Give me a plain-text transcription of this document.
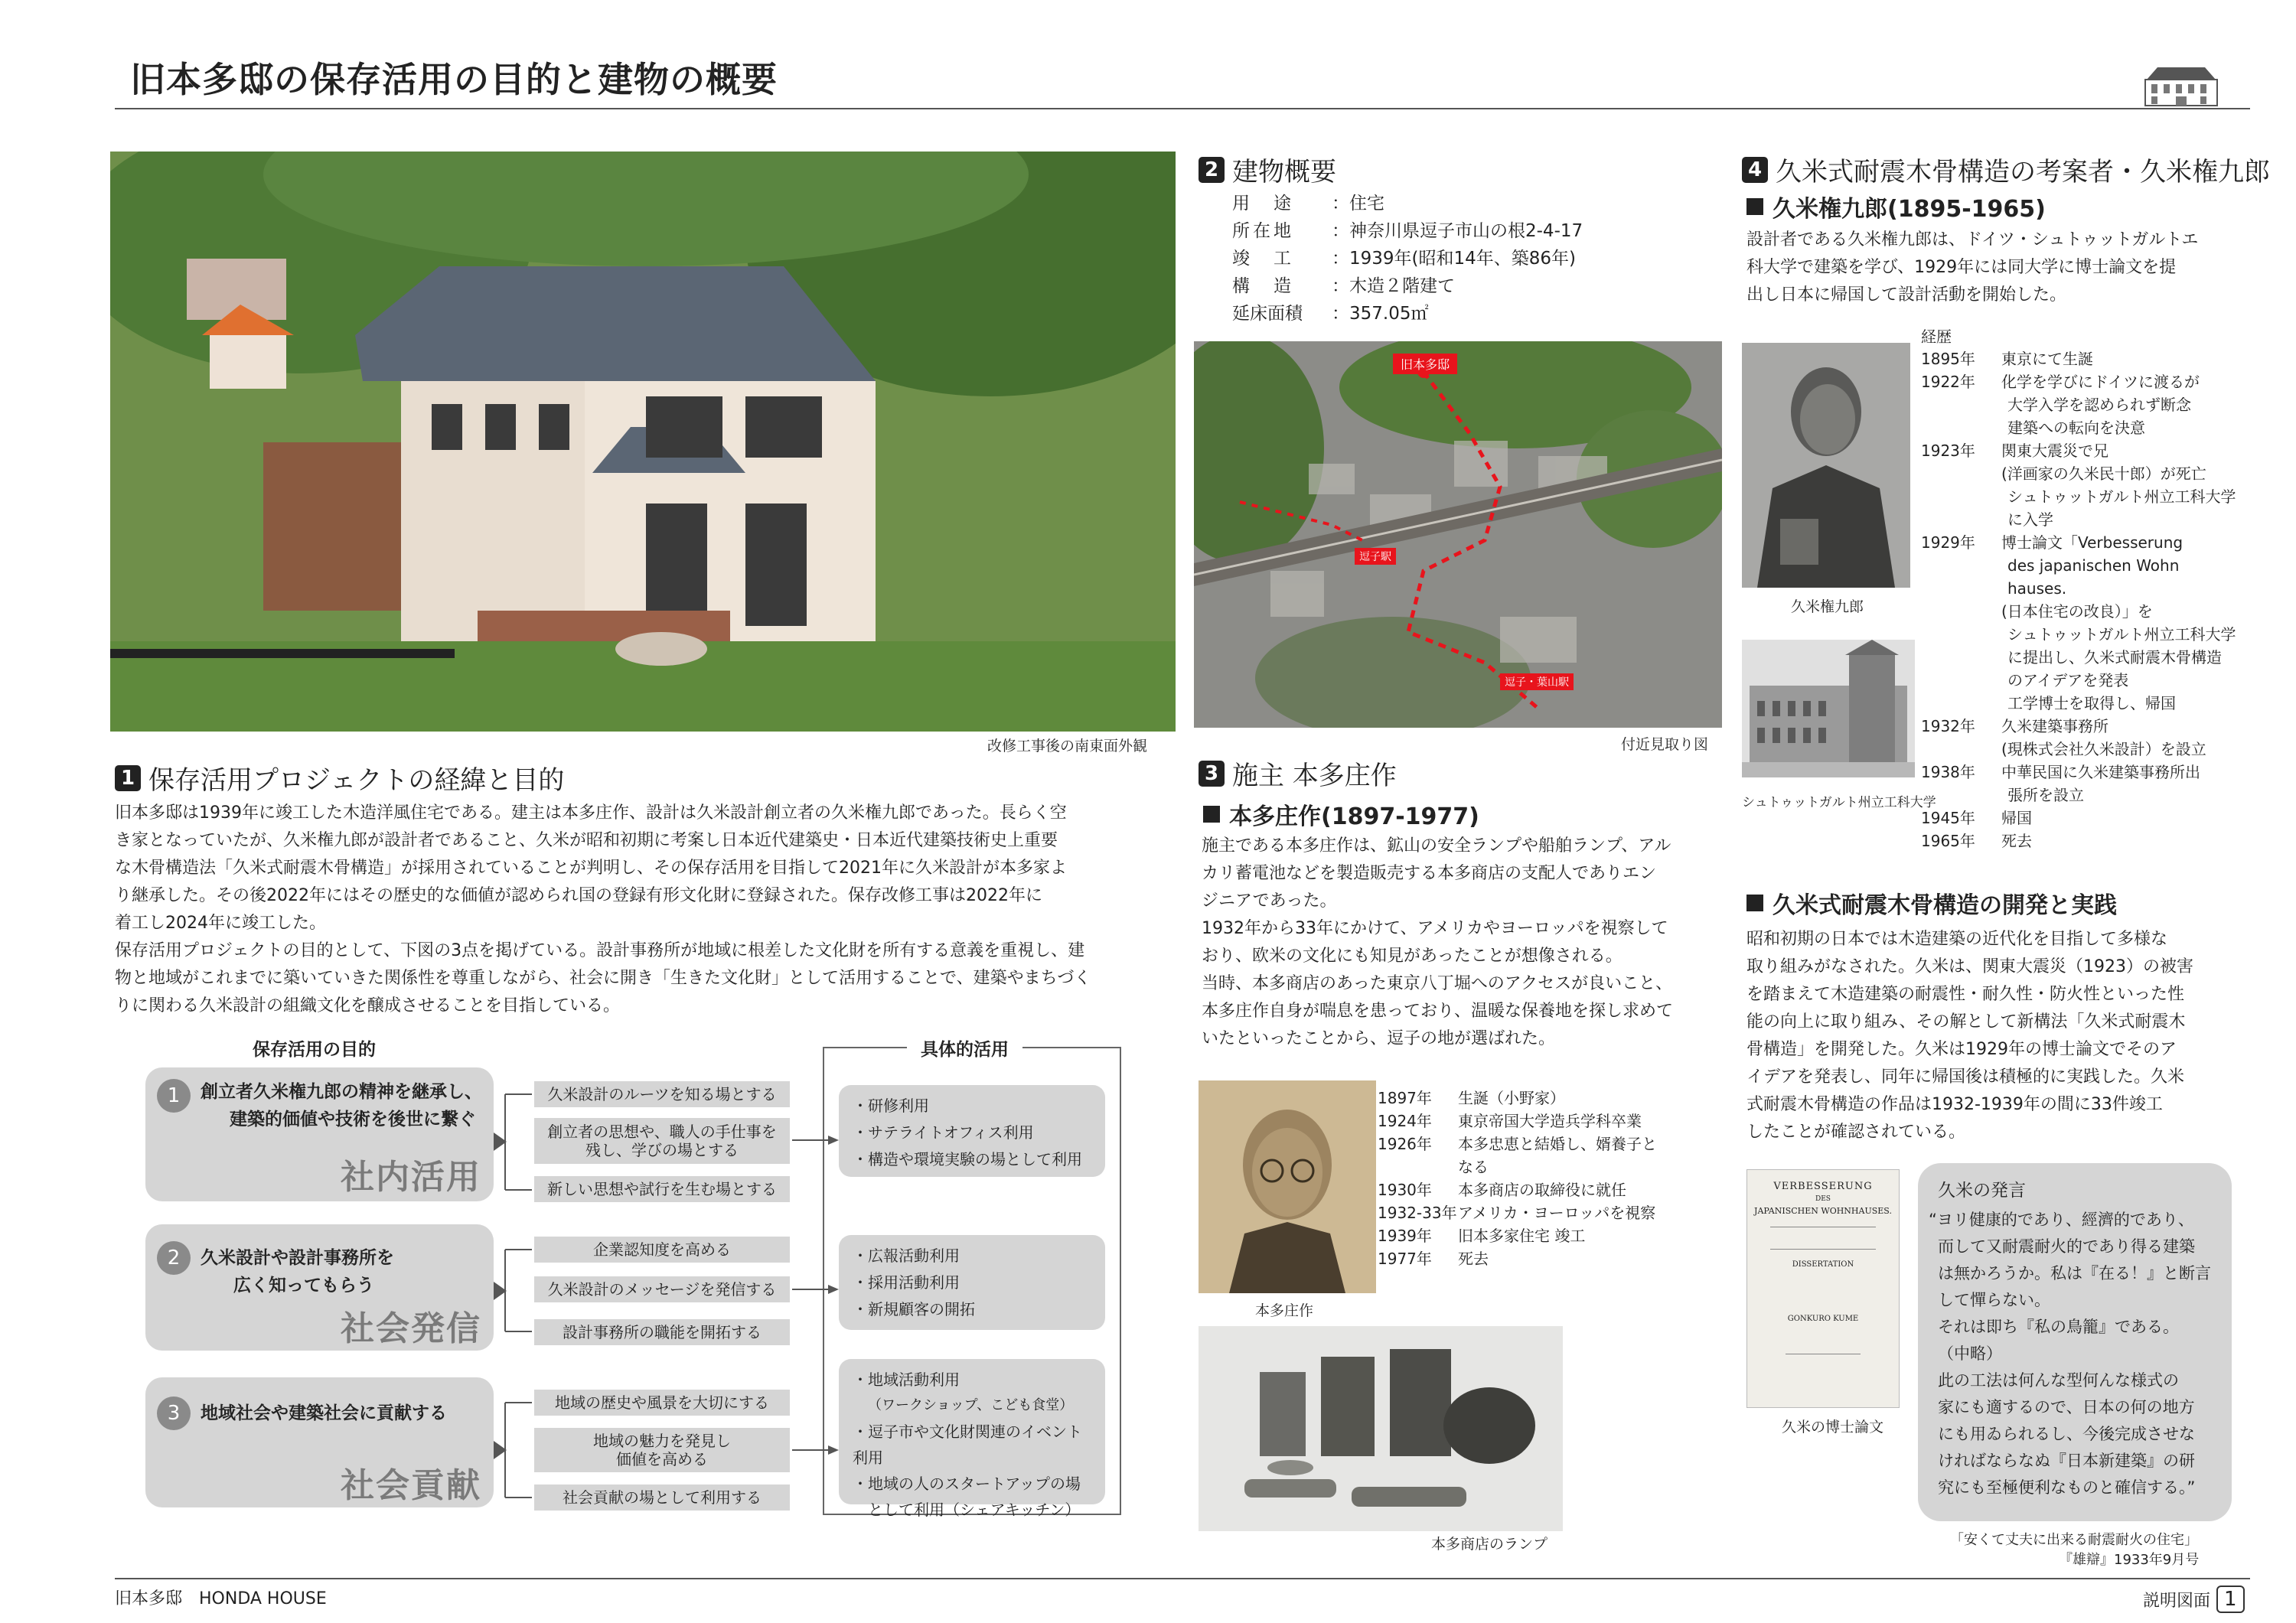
旧本多邸の保存活用の目的と建物の概要
改修工事後の南東面外観
1 保存活用プロジェクトの経緯と目的
旧本多邸は1939年に竣工した木造洋風住宅である。建主は本多庄作、設計は久米設計創立者の久米権九郎であった。長らく空
き家となっていたが、久米権九郎が設計者であること、久米が昭和初期に考案し日本近代建築史・日本近代建築技術史上重要
な木骨構造法「久米式耐震木骨構造」が採用されていることが判明し、その保存活用を目指して2021年に久米設計が本多家よ
り継承した。その後2022年にはその歴史的な価値が認められ国の登録有形文化財に登録された。保存改修工事は2022年に
着工し2024年に竣工した。
保存活用プロジェクトの目的として、下図の3点を掲げている。設計事務所が地域に根差した文化財を所有する意義を重視し、建
物と地域がこれまでに築いていきた関係性を尊重しながら、社会に開き「生きた文化財」として活用することで、建築やまちづく
りに関わる久米設計の組織文化を醸成させることを目指している。
保存活用の目的	具体的活用
1	創立者久米権九郎の精神を継承し、
建築的価値や技術を後世に繋ぐ
社内活用
久米設計のルーツを知る場とする
創立者の思想や、職人の手仕事を
残し、学びの場とする
新しい思想や試行を生む場とする
・研修利用
・サテライトオフィス利用
・構造や環境実験の場として利用
2	久米設計や設計事務所を
広く知ってもらう
社会発信
企業認知度を高める
久米設計のメッセージを発信する
設計事務所の職能を開拓する
・広報活動利用
・採用活動利用
・新規顧客の開拓
3	地域社会や建築社会に貢献する
社会貢献
地域の歴史や風景を大切にする
地域の魅力を発見し
価値を高める
社会貢献の場として利用する
・地域活動利用
（ワークショップ、こども食堂）
・逗子市や文化財関連のイベント利用
・地域の人のスタートアップの場
として利用（シェアキッチン）
2 建物概要
用　途	：住宅
所在地	：神奈川県逗子市山の根2-4-17
竣　工	：1939年(昭和14年、築86年)
構　造	：木造２階建て
延床面積	：357.05㎡
旧本多邸
逗子駅
逗子・葉山駅
付近見取り図
3 施主 本多庄作
本多庄作(1897-1977)
施主である本多庄作は、鉱山の安全ランプや船舶ランプ、アル
カリ蓄電池などを製造販売する本多商店の支配人でありエン
ジニアであった。
1932年から33年にかけて、アメリカやヨーロッパを視察して
おり、欧米の文化にも知見があったことが想像される。
当時、本多商店のあった東京八丁堀へのアクセスが良いこと、
本多庄作自身が喘息を患っており、温暖な保養地を探し求めて
いたといったことから、逗子の地が選ばれた。
本多庄作
1897年	生誕（小野家）
1924年	東京帝国大学造兵学科卒業
1926年	本多忠恵と結婚し、婿養子と
なる
1930年	本多商店の取締役に就任
1932-33年 アメリカ・ヨーロッパを視察
1939年	旧本多家住宅 竣工
1977年	死去
本多商店のランプ
4 久米式耐震木骨構造の考案者・久米権九郎
久米権九郎(1895-1965)
設計者である久米権九郎は、ドイツ・シュトゥットガルトエ
科大学で建築を学び、1929年には同大学に博士論文を提
出し日本に帰国して設計活動を開始した。
久米権九郎
シュトゥットガルト州立工科大学
経歴
1895年	東京にて生誕
1922年	化学を学びにドイツに渡るが
大学入学を認められず断念
建築への転向を決意
1923年	関東大震災で兄
(洋画家の久米民十郎）が死亡
シュトゥットガルト州立工科大学
に入学
1929年	博士論文「Verbesserung
des japanischen Wohn
hauses.
(日本住宅の改良）」を
シュトゥットガルト州立工科大学
に提出し、久米式耐震木骨構造
のアイデアを発表
工学博士を取得し、帰国
1932年	久米建築事務所
(現株式会社久米設計）を設立
1938年	中華民国に久米建築事務所出
張所を設立
1945年	帰国
1965年	死去
久米式耐震木骨構造の開発と実践
昭和初期の日本では木造建築の近代化を目指して多様な
取り組みがなされた。久米は、関東大震災（1923）の被害
を踏まえて木造建築の耐震性・耐久性・防火性といった性
能の向上に取り組み、その解として新構法「久米式耐震木
骨構造」を開発した。久米は1929年の博士論文でそのア
イデアを発表し、同年に帰国後は積極的に実践した。久米
式耐震木骨構造の作品は1932-1939年の間に33件竣工
したことが確認されている。
VERBESSERUNG
DES
JAPANISCHEN WOHNHAUSES.
DISSERTATION
GONKURO KUME
久米の博士論文
久米の発言
“ヨリ健康的であり、經濟的であり、
而して又耐震耐火的であり得る建築
は無かろうか。私は『在る！』と断言
して憚らない。
それは即ち『私の鳥籠』である。
（中略）
此の工法は何んな型何んな様式の
家にも適するので、日本の何の地方
にも用ゐられるし、今後完成させな
ければならなぬ『日本新建築』の研
究にも至極便利なものと確信する。”
「安くて丈夫に出来る耐震耐火の住宅」
『雄辯』1933年9月号
旧本多邸　HONDA HOUSE	説明図面 1
